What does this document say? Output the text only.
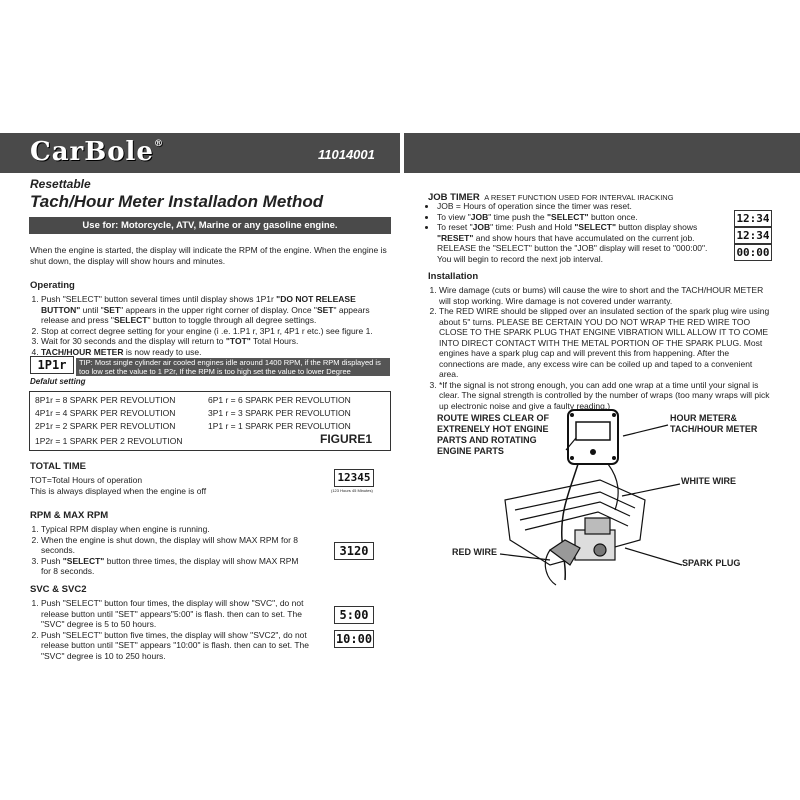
CarBole®
11014001
Resettable
Tach/Hour Meter Installadon Method
Use for: Motorcycle, ATV, Marine or any gasoline engine.
When the engine is started, the display will indicate the RPM of the engine. When the engine is shut down, the display will show hours and minutes.
Operating
1. Push "SELECT" button several times until display shows 1P1r "DO NOT RELEASE BUTTON" until "SET" appears in the upper right corner of display. Once "SET" appears release and press "SELECT" button to toggle through all degree settings.
2. Stop at correct degree setting for your engine (i .e. 1.P1 r, 3P1 r, 4P1 r etc.) see figure 1.
3. Wait for 30 seconds and the display will return to "TOT" Total Hours.
4. TACH/HOUR METER is now ready to use.
1P1r	TIP: Most single cylinder air cooled engines idle around 1400 RPM, if the RPM displayed is too low set the value to 1 P2r, If the RPM is too high set the value to lower Degree
Defalut setting
8P1r = 8 SPARK PER REVOLUTION	6P1 r = 6 SPARK PER REVOLUTION
4P1r = 4 SPARK PER REVOLUTION	3P1 r = 3 SPARK PER REVOLUTION
2P1r = 2 SPARK PER REVOLUTION	1P1 r = 1 SPARK PER REVOLUTION
1P2r = 1 SPARK PER 2 REVOLUTION	FIGURE1
TOTAL TIME
TOT=Total Hours of operation
This is always displayed when the engine is off
12345
(123 Hours 45 Minutes)
RPM & MAX RPM
1. Typical RPM display when engine is running.
2. When the engine is shut down, the display will show MAX RPM for 8 seconds.
3. Push "SELECT" button three times, the display will show MAX RPM for 8 seconds.
3120
SVC & SVC2
1. Push "SELECT" button four times, the display will show "SVC", do not release button until "SET" appears"5:00" is flash. then can to set. The "SVC" degree is 5 to 50 hours.
2. Push "SELECT" button five times, the display will show "SVC2", do not release button until "SET" appears "10:00" is flash. then can to set. The "SVC" degree is 10 to 250 hours.
5:00
10:00
JOB TIMER A RESET FUNCTION USED FOR INTERVAL IRACKING
• JOB = Hours of operation since the timer was reset.
• To view "JOB" time push the "SELECT" button once.
• To reset "JOB" time: Push and Hold "SELECT" button display shows
"RESET" and show hours that have accumulated on the current job.
RELEASE the "SELECT" button the "JOB" display will reset to "000:00".
You will begin to record the next job interval.
12:34
12:34
00:00
Installation
1. Wire damage (cuts or bums) will cause the wire to short and the TACH/HOUR METER will stop working. Wire damage is not covered under warranty.
2. The RED WIRE should be slipped over an insulated section of the spark plug wire using about 5" turns. PLEASE BE CERTAIN YOU DO NOT WRAP THE RED WIRE TOO CLOSE TO THE SPARK PLUG THAT ENGINE VIBRATION WILL ALLOW IT TO COME INTO DIRECT CONTACT WITH THE METAL PORTION OF THE SPARK PLUG. Most engines have a spark plug cap and will prevent this from happening. After the connections are made, any excess wire can be coiled up and taped to a convenient area.
3. *If the signal is not strong enough, you can add one wrap at a time until your signal is clear. The signal strength is controlled by the number of wraps (too many wraps will pick up electronic noise and give a faulty reading.)
ROUTE WIRES CLEAR OF EXTRENELY HOT ENGINE PARTS AND ROTATING ENGINE PARTS
HOUR METER& TACH/HOUR METER
WHITE WIRE
RED WIRE
SPARK PLUG
